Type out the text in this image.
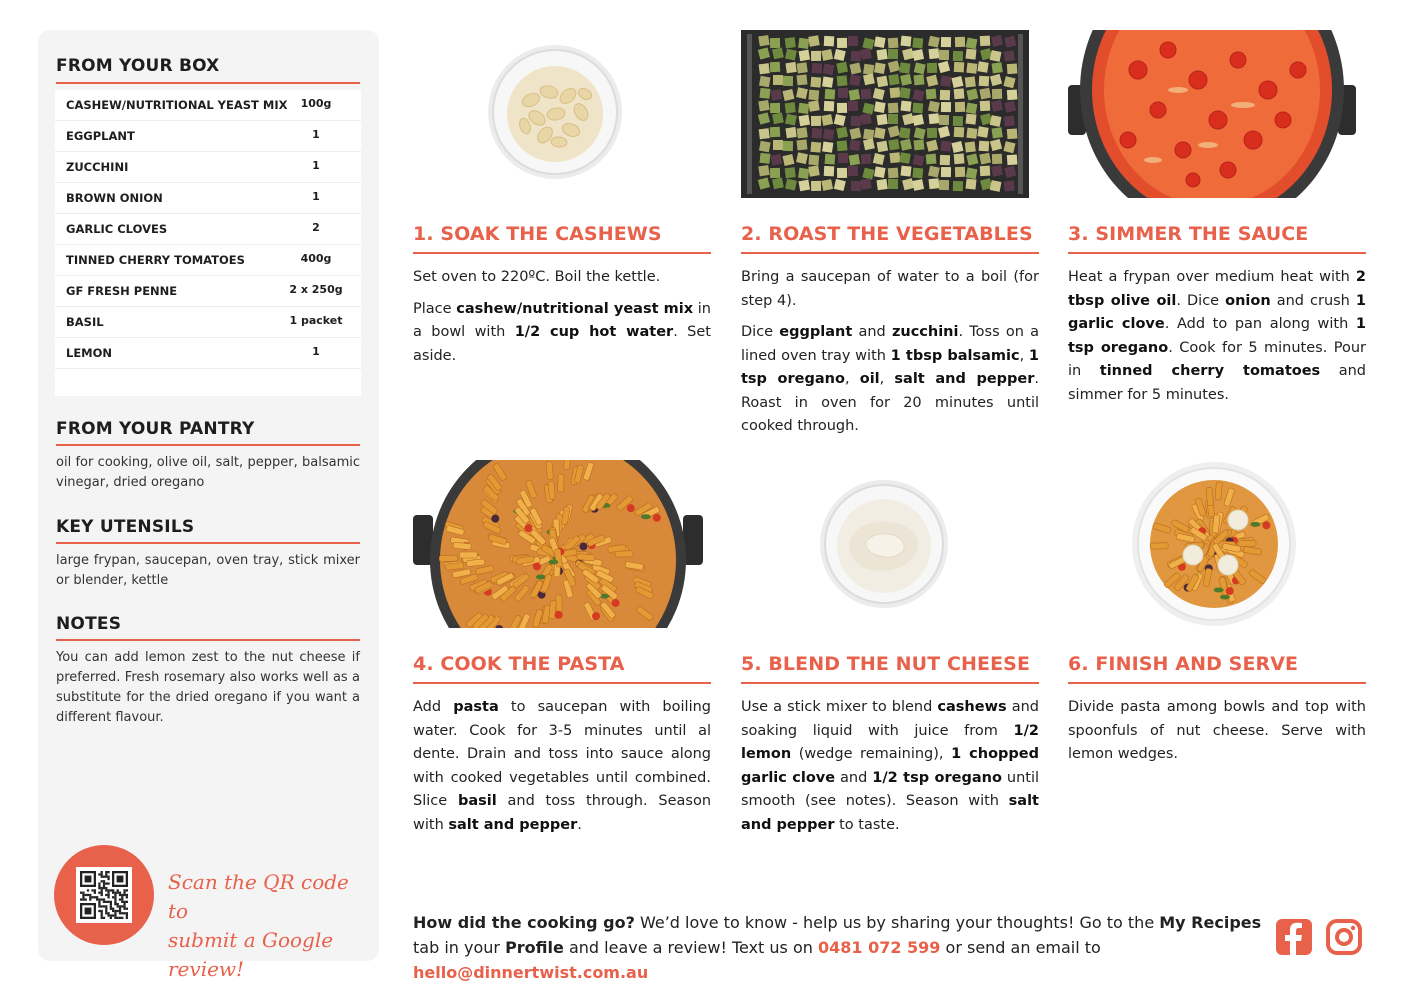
FROM YOUR BOX
CASHEW/NUTRITIONAL YEAST MIX	100g
EGGPLANT	1
ZUCCHINI	1
BROWN ONION	1
GARLIC CLOVES	2
TINNED CHERRY TOMATOES	400g
GF FRESH PENNE	2 x 250g
BASIL	1 packet
LEMON	1
FROM YOUR PANTRY
oil for cooking, olive oil, salt, pepper, balsamic vinegar, dried oregano
KEY UTENSILS
large frypan, saucepan, oven tray, stick mixer or blender, kettle
NOTES
You can add lemon zest to the nut cheese if preferred. Fresh rosemary also works well as a substitute for the dried oregano if you want a different flavour.
Scan the QR code to
submit a Google review!
1. SOAK THE CASHEWS

Set oven to 220ºC. Boil the kettle.

Place cashew/nutritional yeast mix in a bowl with 1/2 cup hot water. Set aside.

2. ROAST THE VEGETABLES

Bring a saucepan of water to a boil (for step 4).

Dice eggplant and zucchini. Toss on a lined oven tray with 1 tbsp balsamic, 1 tsp oregano, oil, salt and pepper. Roast in oven for 20 minutes until cooked through.

3. SIMMER THE SAUCE

Heat a frypan over medium heat with 2 tbsp olive oil. Dice onion and crush 1 garlic clove. Add to pan along with 1 tsp oregano. Cook for 5 minutes. Pour in tinned cherry tomatoes and simmer for 5 minutes.

4. COOK THE PASTA

Add pasta to saucepan with boiling water. Cook for 3-5 minutes until al dente. Drain and toss into sauce along with cooked vegetables until combined. Slice basil and toss through. Season with salt and pepper.

5. BLEND THE NUT CHEESE

Use a stick mixer to blend cashews and soaking liquid with juice from 1/2 lemon (wedge remaining), 1 chopped garlic clove and 1/2 tsp oregano until smooth (see notes). Season with salt and pepper to taste.

6. FINISH AND SERVE

Divide pasta among bowls and top with spoonfuls of nut cheese. Serve with lemon wedges.

How did the cooking go? We’d love to know - help us by sharing your thoughts! Go to the My Recipes tab in your Profile and leave a review! Text us on 0481 072 599 or send an email to hello@dinnertwist.com.au
